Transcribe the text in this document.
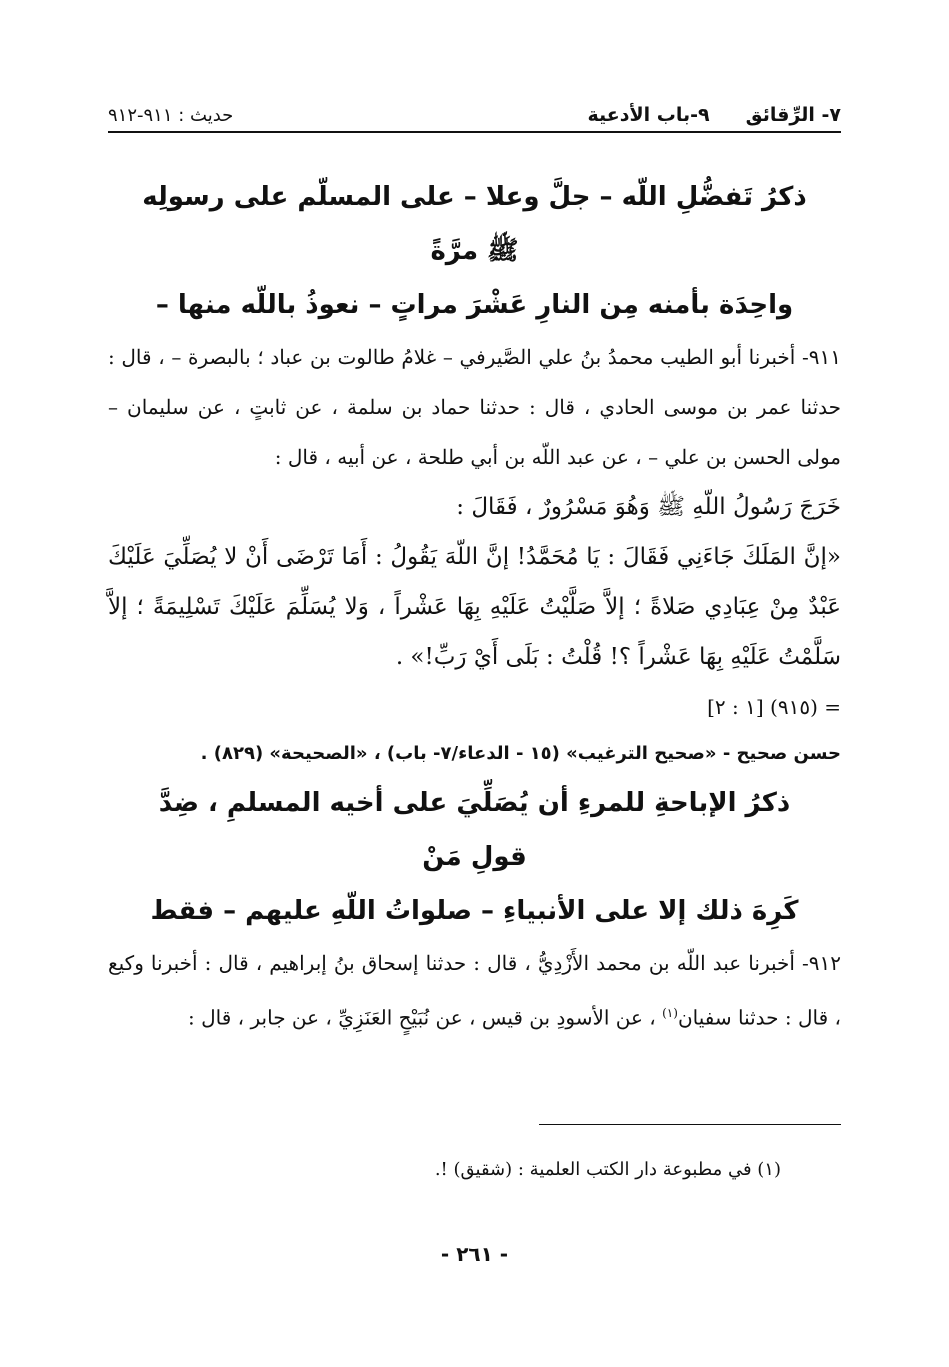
٧- الرِّقائق
٩-باب الأدعية
حديث : ٩١١-٩١٢
ذكرُ تَفضُّلِ اللّه – جلَّ وعلا – على المسلّم على رسولِه ﷺ مرَّةً
واحِدَة بأمنه مِن النارِ عَشْرَ مراتٍ – نعوذُ باللّه منها –

٩١١- أخبرنا أبو الطيب محمدُ بنُ علي الصَّيرفي – غلامُ طالوت بن عباد ؛ بالبصرة – ، قال : حدثنا عمر بن موسى الحادي ، قال : حدثنا حماد بن سلمة ، عن ثابتٍ ، عن سليمان – مولى الحسن بن علي – ، عن عبد اللّه بن أبي طلحة ، عن أبيه ، قال :

خَرَجَ رَسُولُ اللّهِ ﷺ وَهُوَ مَسْرُورٌ ، فَقَالَ :

«إنَّ المَلَكَ جَاءَنِي فَقَالَ : يَا مُحَمَّدُ! إنَّ اللّهَ يَقُولُ : أَمَا تَرْضَى أَنْ لا يُصَلِّيَ عَلَيْكَ عَبْدٌ مِنْ عِبَادِي صَلاةً ؛ إلاَّ صَلَّيْتُ عَلَيْهِ بِهَا عَشْراً ، وَلا يُسَلِّمَ عَلَيْكَ تَسْلِيمَةً ؛ إلاَّ سَلَّمْتُ عَلَيْهِ بِهَا عَشْراً ؟! قُلْتُ : بَلَى أَيْ رَبِّ!» .

= (٩١٥) [١ : ٢]

حسن صحيح - «صحيح الترغيب» (١٥ - الدعاء/٧- باب) ، «الصحيحة» (٨٢٩) .

ذكرُ الإباحةِ للمرءِ أن يُصَلِّيَ على أخيه المسلمِ ، ضِدَّ قولِ مَنْ
كَرِهَ ذلك إلا على الأنبياءِ – صلواتُ اللّهِ عليهم – فقط

٩١٢- أخبرنا عبد اللّه بن محمد الأَزْدِيُّ ، قال : حدثنا إسحاق بنُ إبراهيم ، قال : أخبرنا وكيع ، قال : حدثنا سفيان$^{(١)}$ ، عن الأسودِ بن قيس ، عن نُبَيْحٍ العَنَزِيِّ ، عن جابر ، قال :

(١) في مطبوعة دار الكتب العلمية : (شقيق) !.
- ٢٦١ -
